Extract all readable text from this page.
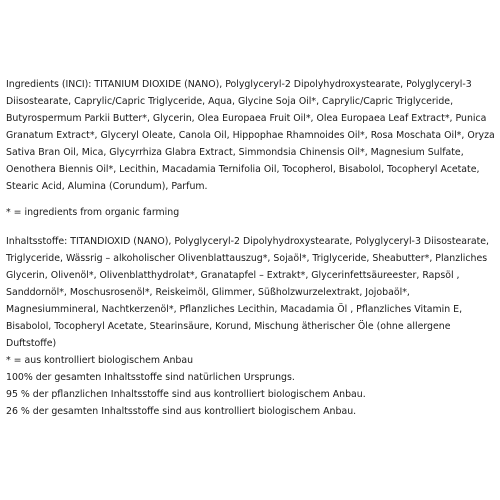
Ingredients (INCI): TITANIUM DIOXIDE (NANO), Polyglyceryl-2 Dipolyhydroxystearate, Polyglyceryl-3 Diisostearate, Caprylic/Capric Triglyceride, Aqua, Glycine Soja Oil*, Caprylic/Capric Triglyceride, Butyrospermum Parkii Butter*, Glycerin, Olea Europaea Fruit Oil*, Olea Europaea Leaf Extract*, Punica Granatum Extract*, Glyceryl Oleate, Canola Oil, Hippophae Rhamnoides Oil*, Rosa Moschata Oil*, Oryza Sativa Bran Oil, Mica, Glycyrrhiza Glabra Extract, Simmondsia Chinensis Oil*, Magnesium Sulfate, Oenothera Biennis Oil*, Lecithin, Macadamia Ternifolia Oil, Tocopherol, Bisabolol, Tocopheryl Acetate, Stearic Acid, Alumina (Corundum), Parfum.

* = ingredients from organic farming

Inhaltsstoffe: TITANDIOXID (NANO), Polyglyceryl-2 Dipolyhydroxystearate, Polyglyceryl-3 Diisostearate, Triglyceride, Wässrig – alkoholischer Olivenblattauszug*, Sojaöl*, Triglyceride, Sheabutter*, Planzliches Glycerin, Olivenöl*, Olivenblatthydrolat*, Granatapfel – Extrakt*, Glycerinfettsäureester, Rapsöl , Sanddornöl*, Moschusrosenöl*, Reiskeimöl, Glimmer, Süßholzwurzelextrakt, Jojobaöl*, Magnesiummineral, Nachtkerzenöl*, Pflanzliches Lecithin, Macadamia Öl , Pflanzliches Vitamin E, Bisabolol, Tocopheryl Acetate, Stearinsäure, Korund, Mischung ätherischer Öle (ohne allergene Duftstoffe)

* = aus kontrolliert biologischem Anbau
100% der gesamten Inhaltsstoffe sind natürlichen Ursprungs.
95 % der pflanzlichen Inhaltsstoffe sind aus kontrolliert biologischem Anbau.
26 % der gesamten Inhaltsstoffe sind aus kontrolliert biologischem Anbau.
